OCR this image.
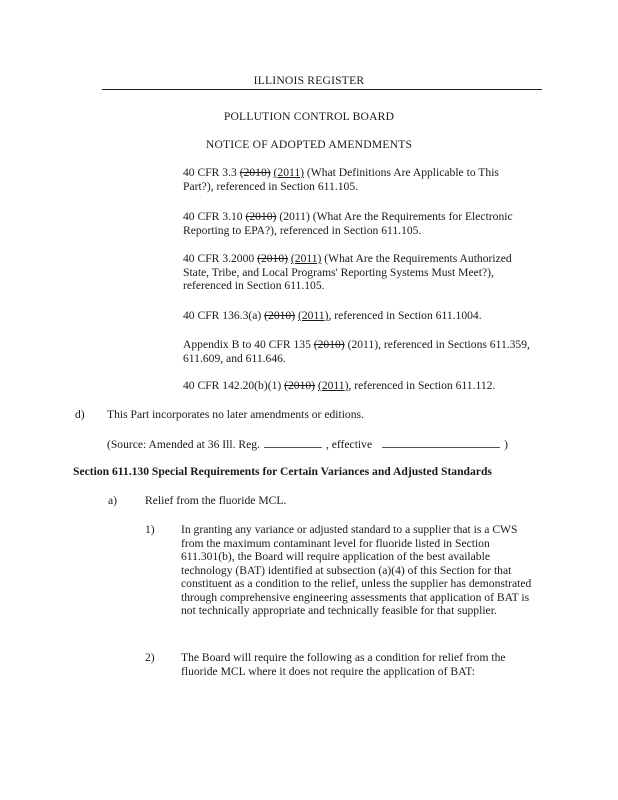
ILLINOIS REGISTER
POLLUTION CONTROL BOARD
NOTICE OF ADOPTED AMENDMENTS
40 CFR 3.3 (2010) (2011) (What Definitions Are Applicable to This Part?), referenced in Section 611.105.
40 CFR 3.10 (2010) (2011) (What Are the Requirements for Electronic Reporting to EPA?), referenced in Section 611.105.
40 CFR 3.2000 (2010) (2011) (What Are the Requirements Authorized State, Tribe, and Local Programs' Reporting Systems Must Meet?), referenced in Section 611.105.
40 CFR 136.3(a) (2010) (2011), referenced in Section 611.1004.
Appendix B to 40 CFR 135 (2010) (2011), referenced in Sections 611.359, 611.609, and 611.646.
40 CFR 142.20(b)(1) (2010) (2011), referenced in Section 611.112.
d) This Part incorporates no later amendments or editions.
(Source: Amended at 36 Ill. Reg.	, effective	)
Section 611.130 Special Requirements for Certain Variances and Adjusted Standards
a) Relief from the fluoride MCL.
1) In granting any variance or adjusted standard to a supplier that is a CWS from the maximum contaminant level for fluoride listed in Section 611.301(b), the Board will require application of the best available technology (BAT) identified at subsection (a)(4) of this Section for that constituent as a condition to the relief, unless the supplier has demonstrated through comprehensive engineering assessments that application of BAT is not technically appropriate and technically feasible for that supplier.
2) The Board will require the following as a condition for relief from the fluoride MCL where it does not require the application of BAT:
